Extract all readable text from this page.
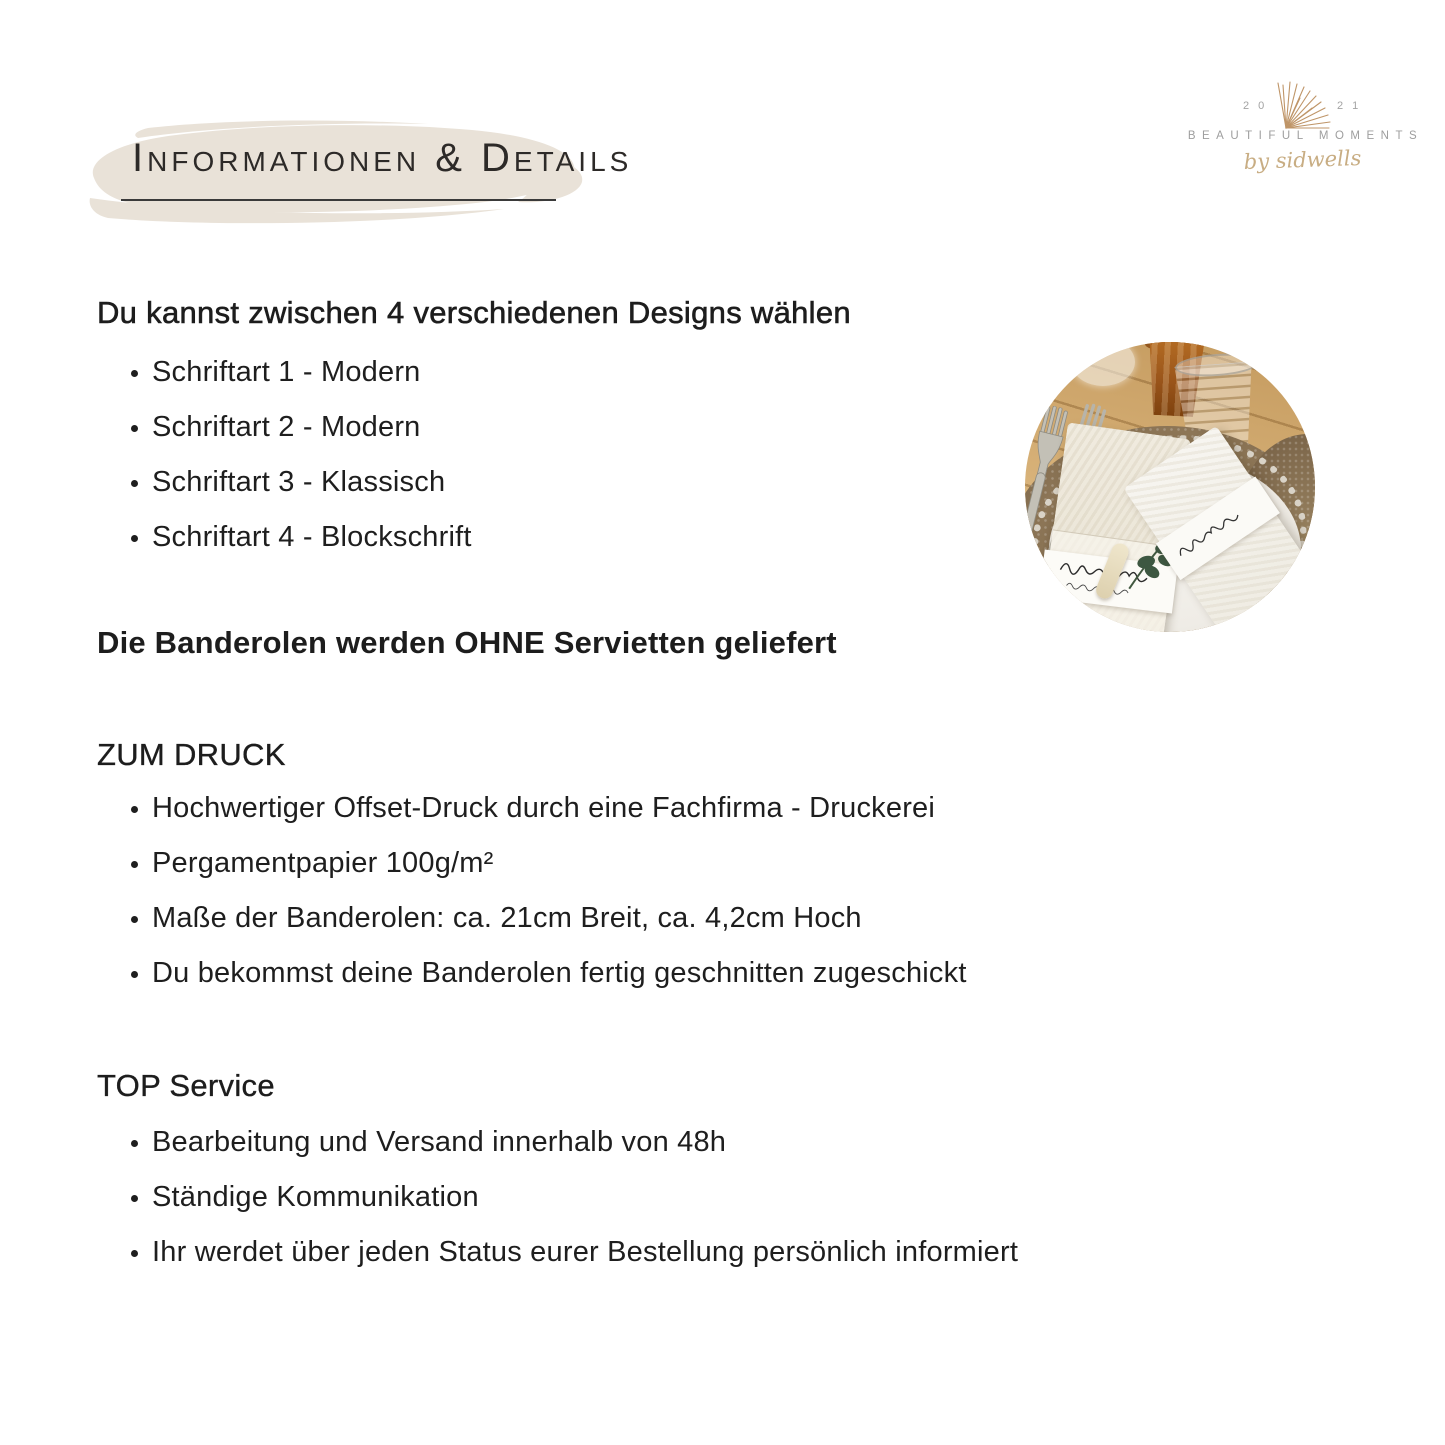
Informationen & Details
20	21
BEAUTIFUL MOMENTS
by sidwells
Du kannst zwischen 4 verschiedenen Designs wählen
• Schriftart 1 - Modern
• Schriftart 2 - Modern
• Schriftart 3 - Klassisch
• Schriftart 4 - Blockschrift
Die Banderolen werden OHNE Servietten geliefert
ZUM DRUCK
• Hochwertiger Offset-Druck durch eine Fachfirma - Druckerei
• Pergamentpapier 100g/m²
• Maße der Banderolen: ca. 21cm Breit, ca. 4,2cm Hoch
• Du bekommst deine Banderolen fertig geschnitten zugeschickt
TOP Service
• Bearbeitung und Versand innerhalb von 48h
• Ständige Kommunikation
• Ihr werdet über jeden Status eurer Bestellung persönlich informiert
